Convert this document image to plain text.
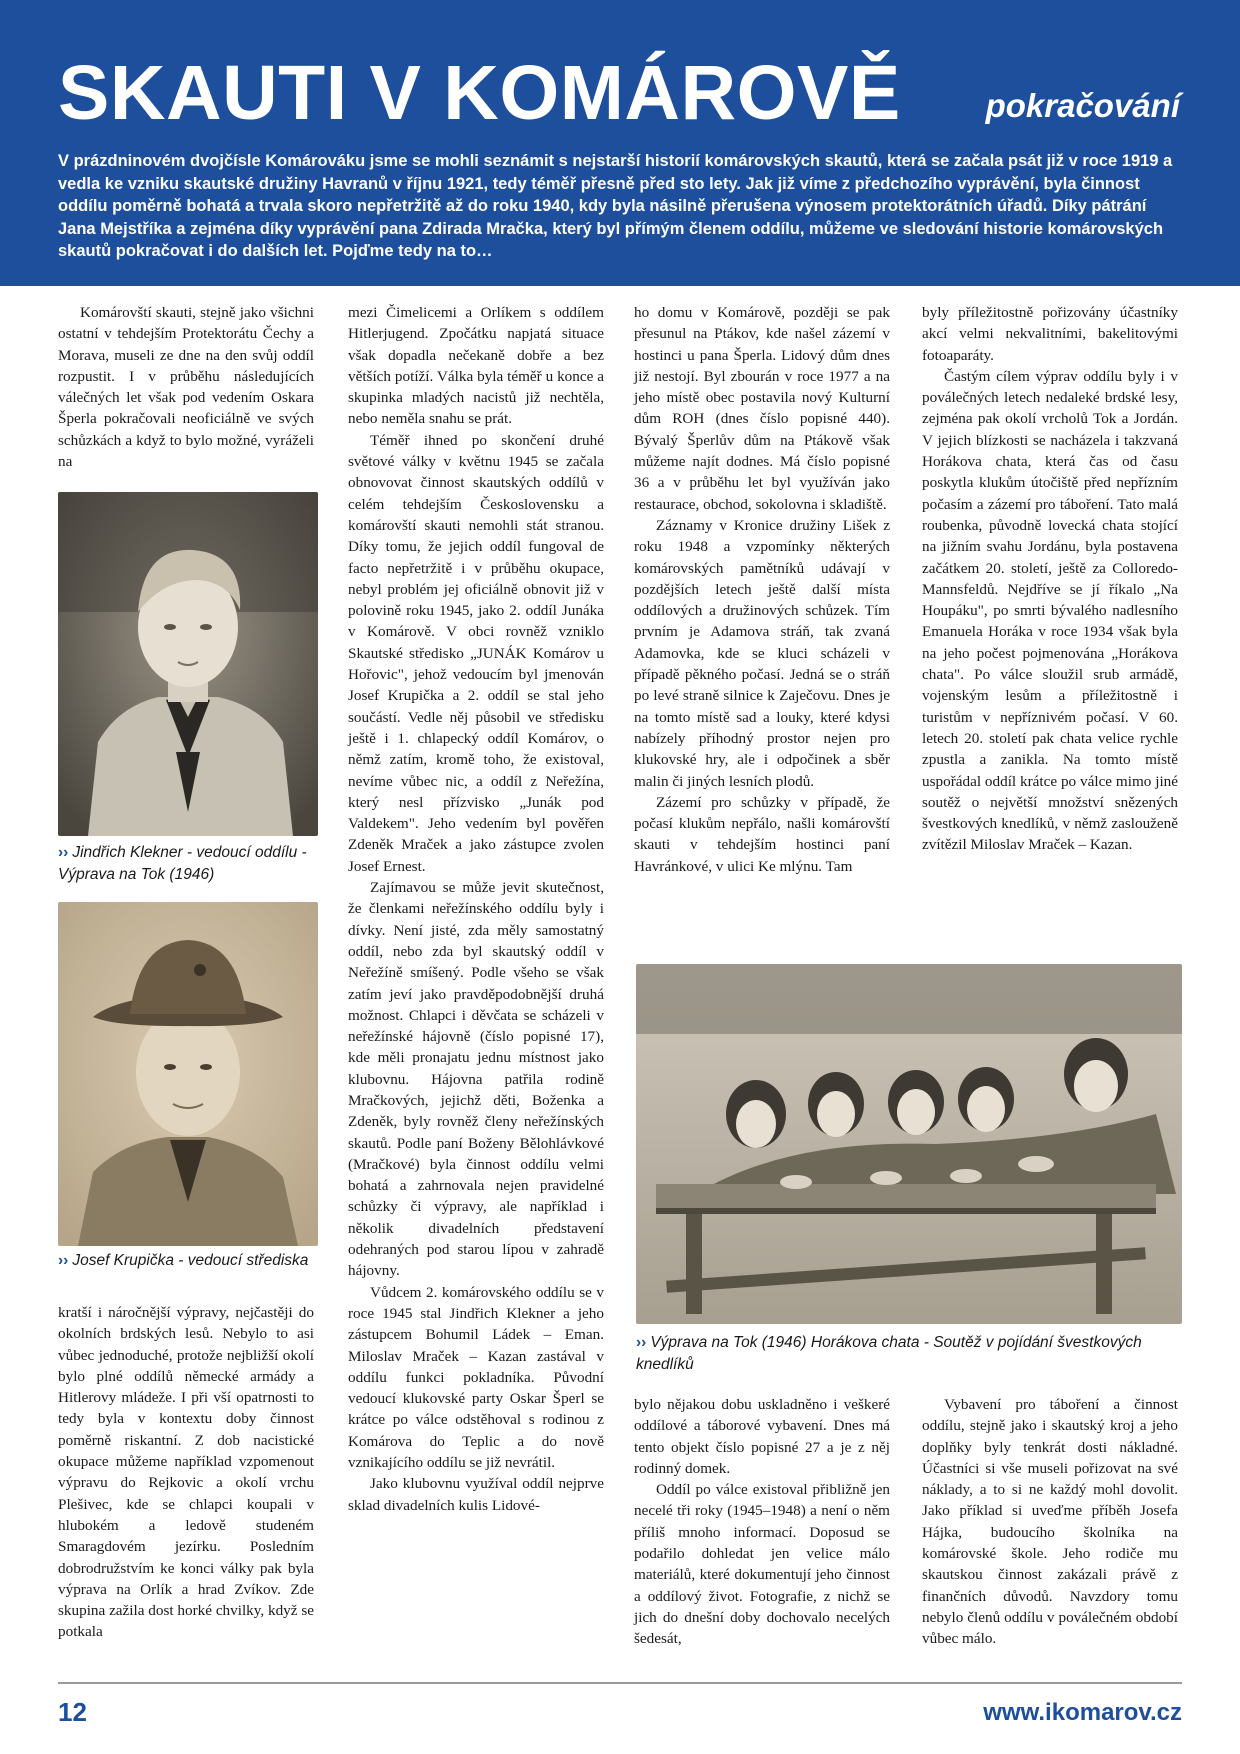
SKAUTI V KOMÁROVĚ	pokračování

V prázdninovém dvojčísle Komárováku jsme se mohli seznámit s nejstarší historií komárovských skautů, která se začala psát již v roce 1919 a vedla ke vzniku skautské družiny Havranů v říjnu 1921, tedy téměř přesně před sto lety. Jak již víme z předchozího vyprávění, byla činnost oddílu poměrně bohatá a trvala skoro nepřetržitě až do roku 1940, kdy byla násilně přerušena výnosem protektorátních úřadů. Díky pátrání Jana Mejstříka a zejména díky vyprávění pana Zdirada Mračka, který byl přímým členem oddílu, můžeme ve sledování historie komárovských skautů pokračovat i do dalších let. Pojďme tedy na to…

Komárovští skauti, stejně jako všichni ostatní v tehdejším Protektorátu Čechy a Morava, museli ze dne na den svůj oddíl rozpustit. I v průběhu následujících válečných let však pod vedením Oskara Šperla pokračovali neoficiálně ve svých schůzkách a když to bylo možné, vyráželi na

›› Jindřich Klekner - vedoucí oddílu - Výprava na Tok (1946)
›› Josef Krupička - vedoucí střediska

kratší i náročnější výpravy, nejčastěji do okolních brdských lesů. Nebylo to asi vůbec jednoduché, protože nejbližší okolí bylo plné oddílů německé armády a Hitlerovy mládeže. I při vší opatrnosti to tedy byla v kontextu doby činnost poměrně riskantní. Z dob nacistické okupace můžeme například vzpomenout výpravu do Rejkovic a okolí vrchu Plešivec, kde se chlapci koupali v hlubokém a ledově studeném Smaragdovém jezírku. Posledním dobrodružstvím ke konci války pak byla výprava na Orlík a hrad Zvíkov. Zde skupina zažila dost horké chvilky, když se potkala

mezi Čimelicemi a Orlíkem s oddílem Hitlerjugend. Zpočátku napjatá situace však dopadla nečekaně dobře a bez větších potíží. Válka byla téměř u konce a skupinka mladých nacistů již nechtěla, nebo neměla snahu se prát.

Téměř ihned po skončení druhé světové války v květnu 1945 se začala obnovovat činnost skautských oddílů v celém tehdejším Československu a komárovští skauti nemohli stát stranou. Díky tomu, že jejich oddíl fungoval de facto nepřetržitě i v průběhu okupace, nebyl problém jej oficiálně obnovit již v polovině roku 1945, jako 2. oddíl Junáka v Komárově. V obci rovněž vzniklo Skautské středisko „JUNÁK Komárov u Hořovic", jehož vedoucím byl jmenován Josef Krupička a 2. oddíl se stal jeho součástí. Vedle něj působil ve středisku ještě i 1. chlapecký oddíl Komárov, o němž zatím, kromě toho, že existoval, nevíme vůbec nic, a oddíl z Neřežína, který nesl přízvisko „Junák pod Valdekem". Jeho vedením byl pověřen Zdeněk Mraček a jako zástupce zvolen Josef Ernest.

Zajímavou se může jevit skutečnost, že členkami neřežínského oddílu byly i dívky. Není jisté, zda měly samostatný oddíl, nebo zda byl skautský oddíl v Neřežíně smíšený. Podle všeho se však zatím jeví jako pravděpodobnější druhá možnost. Chlapci i děvčata se scházeli v neřežínské hájovně (číslo popisné 17), kde měli pronajatu jednu místnost jako klubovnu. Hájovna patřila rodině Mračkových, jejichž děti, Boženka a Zdeněk, byly rovněž členy neřežínských skautů. Podle paní Boženy Bělohlávkové (Mračkové) byla činnost oddílu velmi bohatá a zahrnovala nejen pravidelné schůzky či výpravy, ale například i několik divadelních představení odehraných pod starou lípou v zahradě hájovny.

Vůdcem 2. komárovského oddílu se v roce 1945 stal Jindřich Klekner a jeho zástupcem Bohumil Ládek – Eman. Miloslav Mraček – Kazan zastával v oddílu funkci pokladníka. Původní vedoucí klukovské party Oskar Šperl se krátce po válce odstěhoval s rodinou z Komárova do Teplic a do nově vznikajícího oddílu se již nevrátil.

Jako klubovnu využíval oddíl nejprve sklad divadelních kulis Lidové-

ho domu v Komárově, později se pak přesunul na Ptákov, kde našel zázemí v hostinci u pana Šperla. Lidový dům dnes již nestojí. Byl zbourán v roce 1977 a na jeho místě obec postavila nový Kulturní dům ROH (dnes číslo popisné 440). Bývalý Šperlův dům na Ptákově však můžeme najít dodnes. Má číslo popisné 36 a v průběhu let byl využíván jako restaurace, obchod, sokolovna i skladiště.

Záznamy v Kronice družiny Lišek z roku 1948 a vzpomínky některých komárovských pamětníků udávají v pozdějších letech ještě další místa oddílových a družinových schůzek. Tím prvním je Adamova stráň, tak zvaná Adamovka, kde se kluci scházeli v případě pěkného počasí. Jedná se o stráň po levé straně silnice k Zaječovu. Dnes je na tomto místě sad a louky, které kdysi nabízely příhodný prostor nejen pro klukovské hry, ale i odpočinek a sběr malin či jiných lesních plodů.

Zázemí pro schůzky v případě, že počasí klukům nepřálo, našli komárovští skauti v tehdejším hostinci paní Havránkové, v ulici Ke mlýnu. Tam

byly příležitostně pořizovány účastníky akcí velmi nekvalitními, bakelitovými fotoaparáty.

Častým cílem výprav oddílu byly i v poválečných letech nedaleké brdské lesy, zejména pak okolí vrcholů Tok a Jordán. V jejich blízkosti se nacházela i takzvaná Horákova chata, která čas od času poskytla klukům útočiště před nepřízním počasím a zázemí pro táboření. Tato malá roubenka, původně lovecká chata stojící na jižním svahu Jordánu, byla postavena začátkem 20. století, ještě za Colloredo-Mannsfeldů. Nejdříve se jí říkalo „Na Houpáku", po smrti bývalého nadlesního Emanuela Horáka v roce 1934 však byla na jeho počest pojmenována „Horákova chata". Po válce sloužil srub armádě, vojenským lesům a příležitostně i turistům v nepříznivém počasí. V 60. letech 20. století pak chata velice rychle zpustla a zanikla. Na tomto místě uspořádal oddíl krátce po válce mimo jiné soutěž o největší množství snězených švestkových knedlíků, v němž zaslouženě zvítězil Miloslav Mraček – Kazan.

›› Výprava na Tok (1946) Horákova chata - Soutěž v pojídání švestkových knedlíků

bylo nějakou dobu uskladněno i veškeré oddílové a táborové vybavení. Dnes má tento objekt číslo popisné 27 a je z něj rodinný domek.

Oddíl po válce existoval přibližně jen necelé tři roky (1945–1948) a není o něm příliš mnoho informací. Doposud se podařilo dohledat jen velice málo materiálů, které dokumentují jeho činnost a oddílový život. Fotografie, z nichž se jich do dnešní doby dochovalo necelých šedesát,

Vybavení pro táboření a činnost oddílu, stejně jako i skautský kroj a jeho doplňky byly tenkrát dosti nákladné. Účastníci si vše museli pořizovat na své náklady, a to si ne každý mohl dovolit. Jako příklad si uveďme příběh Josefa Hájka, budoucího školníka na komárovské škole. Jeho rodiče mu skautskou činnost zakázali právě z finančních důvodů. Navzdory tomu nebylo členů oddílu v poválečném období vůbec málo.

12	www.ikomarov.cz
